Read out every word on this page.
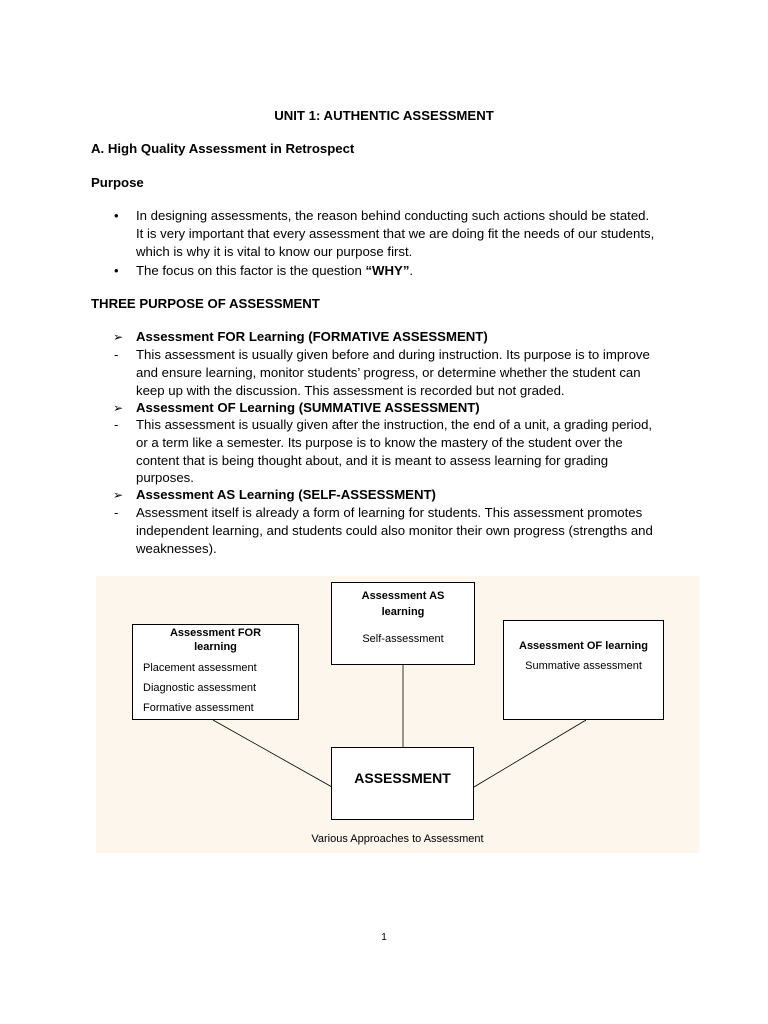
UNIT 1: AUTHENTIC ASSESSMENT
A. High Quality Assessment in Retrospect
Purpose
• In designing assessments, the reason behind conducting such actions should be stated.
It is very important that every assessment that we are doing fit the needs of our students,
which is why it is vital to know our purpose first.
• The focus on this factor is the question “WHY”.
THREE PURPOSE OF ASSESSMENT
➢ Assessment FOR Learning (FORMATIVE ASSESSMENT)
- This assessment is usually given before and during instruction. Its purpose is to improve
and ensure learning, monitor students’ progress, or determine whether the student can
keep up with the discussion. This assessment is recorded but not graded.
➢ Assessment OF Learning (SUMMATIVE ASSESSMENT)
- This assessment is usually given after the instruction, the end of a unit, a grading period,
or a term like a semester. Its purpose is to know the mastery of the student over the
content that is being thought about, and it is meant to assess learning for grading
purposes.
➢ Assessment AS Learning (SELF-ASSESSMENT)
- Assessment itself is already a form of learning for students. This assessment promotes
independent learning, and students could also monitor their own progress (strengths and
weaknesses).
Assessment FOR
learning
Placement assessment
Diagnostic assessment
Formative assessment
Assessment AS
learning
Self-assessment
Assessment OF learning
Summative assessment
ASSESSMENT
Various Approaches to Assessment
1
